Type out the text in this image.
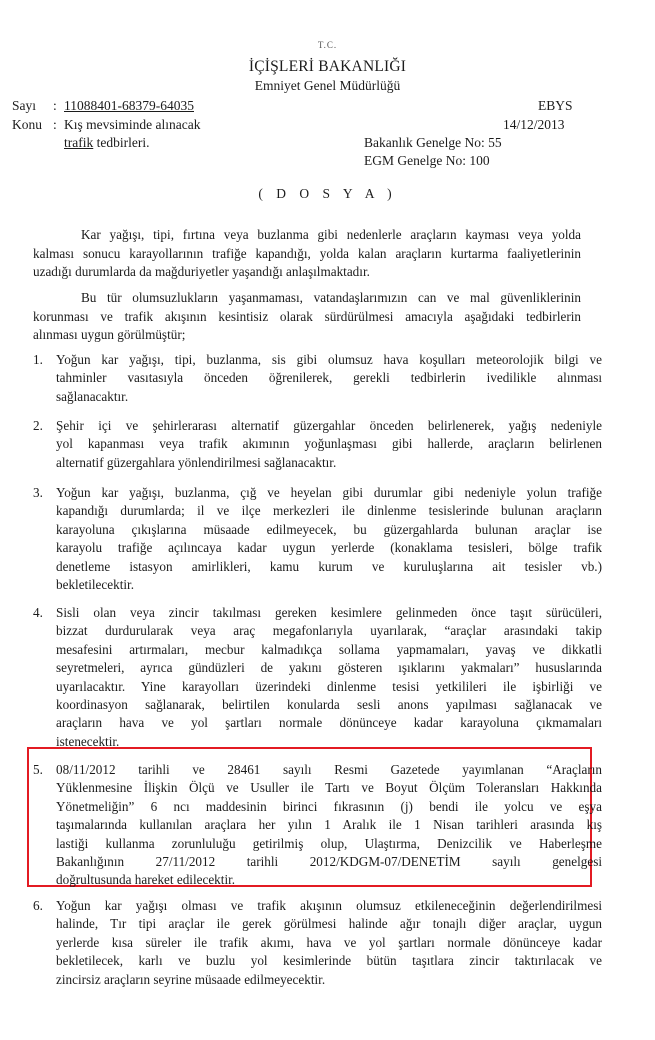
T.C.
İÇİŞLERİ BAKANLIĞI
Emniyet Genel Müdürlüğü
Sayı : 11088401-68379-64035
Konu : Kış mevsiminde alınacak
trafik tedbirleri.
EBYS
14/12/2013
Bakanlık Genelge No: 55
EGM Genelge No: 100
( D O S Y A )
Kar yağışı, tipi, fırtına veya buzlanma gibi nedenlerle araçların kayması veya yolda
kalması sonucu karayollarının trafiğe kapandığı, yolda kalan araçların kurtarma faaliyetlerinin
uzadığı durumlarda da mağduriyetler yaşandığı anlaşılmaktadır.
Bu tür olumsuzlukların yaşanmaması, vatandaşlarımızın can ve mal güvenliklerinin
korunması ve trafik akışının kesintisiz olarak sürdürülmesi amacıyla aşağıdaki tedbirlerin
alınması uygun görülmüştür;
1. Yoğun kar yağışı, tipi, buzlanma, sis gibi olumsuz hava koşulları meteorolojik bilgi ve
tahminler vasıtasıyla önceden öğrenilerek, gerekli tedbirlerin ivedilikle alınması
sağlanacaktır.
2. Şehir içi ve şehirlerarası alternatif güzergahlar önceden belirlenerek, yağış nedeniyle
yol kapanması veya trafik akımının yoğunlaşması gibi hallerde, araçların belirlenen
alternatif güzergahlara yönlendirilmesi sağlanacaktır.
3. Yoğun kar yağışı, buzlanma, çığ ve heyelan gibi durumlar gibi nedeniyle yolun trafiğe
kapandığı durumlarda; il ve ilçe merkezleri ile dinlenme tesislerinde bulunan araçların
karayoluna çıkışlarına müsaade edilmeyecek, bu güzergahlarda bulunan araçlar ise
karayolu trafiğe açılıncaya kadar uygun yerlerde (konaklama tesisleri, bölge trafik
denetleme istasyon amirlikleri, kamu kurum ve kuruluşlarına ait tesisler vb.)
bekletilecektir.
4. Sisli olan veya zincir takılması gereken kesimlere gelinmeden önce taşıt sürücüleri,
bizzat durdurularak veya araç megafonlarıyla uyarılarak, “araçlar arasındaki takip
mesafesini artırmaları, mecbur kalmadıkça sollama yapmamaları, yavaş ve dikkatli
seyretmeleri, ayrıca gündüzleri de yakını gösteren ışıklarını yakmaları” hususlarında
uyarılacaktır. Yine karayolları üzerindeki dinlenme tesisi yetkilileri ile işbirliği ve
koordinasyon sağlanarak, belirtilen konularda sesli anons yapılması sağlanacak ve
araçların hava ve yol şartları normale dönünceye kadar karayoluna çıkmamaları
istenecektir.
5. 08/11/2012 tarihli ve 28461 sayılı Resmi Gazetede yayımlanan “Araçların
Yüklenmesine İlişkin Ölçü ve Usuller ile Tartı ve Boyut Ölçüm Toleransları Hakkında
Yönetmeliğin” 6 ncı maddesinin birinci fıkrasının (j) bendi ile yolcu ve eşya
taşımalarında kullanılan araçlara her yılın 1 Aralık ile 1 Nisan tarihleri arasında kış
lastiği kullanma zorunluluğu getirilmiş olup, Ulaştırma, Denizcilik ve Haberleşme
Bakanlığının 27/11/2012 tarihli 2012/KDGM-07/DENETİM sayılı genelgesi
doğrultusunda hareket edilecektir.
6. Yoğun kar yağışı olması ve trafik akışının olumsuz etkileneceğinin değerlendirilmesi
halinde, Tır tipi araçlar ile gerek görülmesi halinde ağır tonajlı diğer araçlar, uygun
yerlerde kısa süreler ile trafik akımı, hava ve yol şartları normale dönünceye kadar
bekletilecek, karlı ve buzlu yol kesimlerinde bütün taşıtlara zincir taktırılacak ve
zincirsiz araçların seyrine müsaade edilmeyecektir.
